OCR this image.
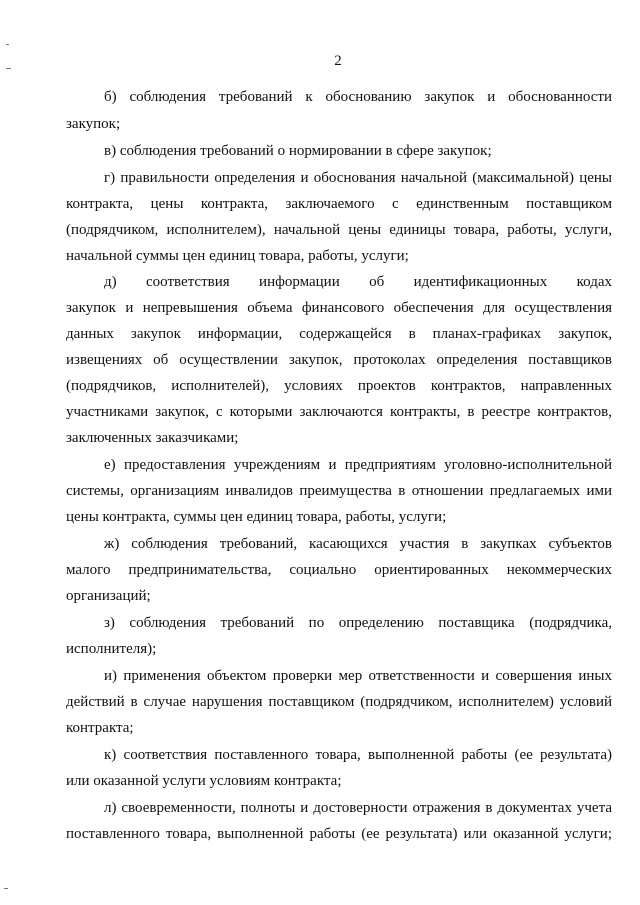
2
б) соблюдения требований к обоснованию закупок и обоснованности
закупок;
в) соблюдения требований о нормировании в сфере закупок;
г) правильности определения и обоснования начальной (максимальной) цены
контракта, цены контракта, заключаемого с единственным поставщиком
(подрядчиком, исполнителем), начальной цены единицы товара, работы, услуги,
начальной суммы цен единиц товара, работы, услуги;
д) соответствия информации об идентификационных кодах
закупок и непревышения объема финансового обеспечения для осуществления
данных закупок информации, содержащейся в планах-графиках закупок,
извещениях об осуществлении закупок, протоколах определения поставщиков
(подрядчиков, исполнителей), условиях проектов контрактов, направленных
участниками закупок, с которыми заключаются контракты, в реестре контрактов,
заключенных заказчиками;
е) предоставления учреждениям и предприятиям уголовно-исполнительной
системы, организациям инвалидов преимущества в отношении предлагаемых ими
цены контракта, суммы цен единиц товара, работы, услуги;
ж) соблюдения требований, касающихся участия в закупках субъектов
малого предпринимательства, социально ориентированных некоммерческих
организаций;
з) соблюдения требований по определению поставщика (подрядчика,
исполнителя);
и) применения объектом проверки мер ответственности и совершения иных
действий в случае нарушения поставщиком (подрядчиком, исполнителем) условий
контракта;
к) соответствия поставленного товара, выполненной работы (ее результата)
или оказанной услуги условиям контракта;
л) своевременности, полноты и достоверности отражения в документах учета
поставленного товара, выполненной работы (ее результата) или оказанной услуги;
